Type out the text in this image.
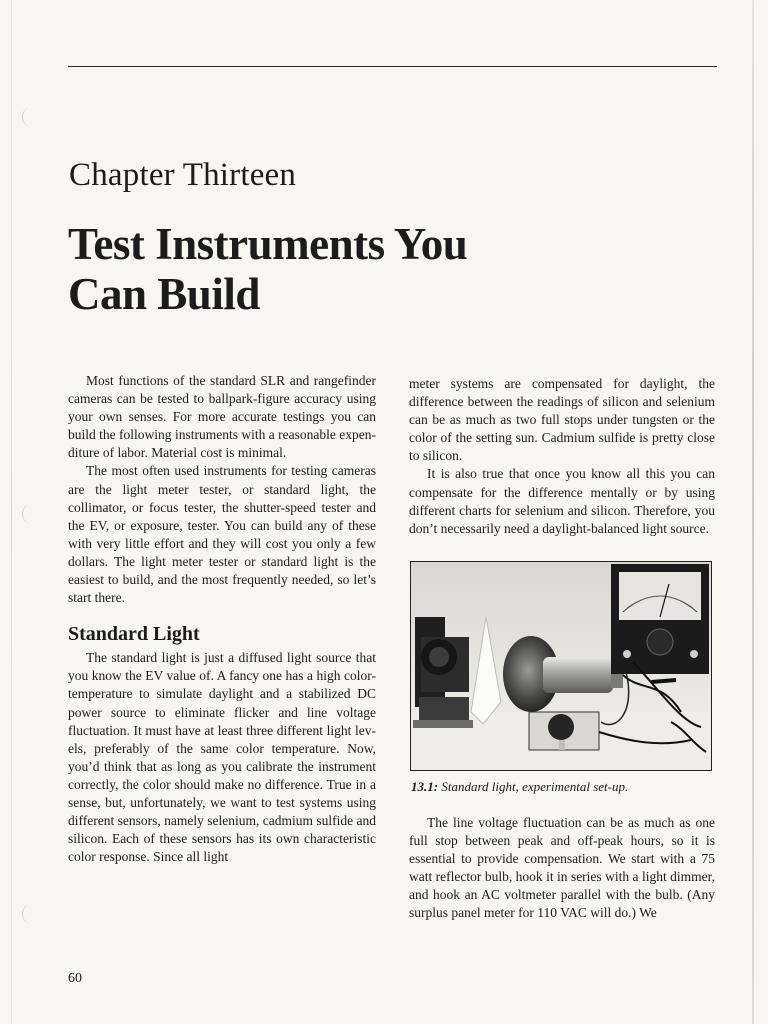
Chapter Thirteen
Test Instruments You
Can Build

Most functions of the standard SLR and rangefinder cameras can be tested to ballpark-figure accuracy using your own senses. For more accurate testings you can build the following instruments with a reasonable expenditure of labor. Material cost is minimal.

The most often used instruments for testing cameras are the light meter tester, or standard light, the collimator, or focus tester, the shutter-speed tester and the EV, or exposure, tester. You can build any of these with very little effort and they will cost you only a few dollars. The light meter tester or standard light is the easiest to build, and the most frequently needed, so let’s start there.

Standard Light

The standard light is just a diffused light source that you know the EV value of. A fancy one has a high color-temperature to simulate daylight and a stabilized DC power source to eliminate flicker and line voltage fluctuation. It must have at least three different light levels, preferably of the same color temperature. Now, you’d think that as long as you calibrate the instrument correctly, the color should make no difference. True in a sense, but, unfortunately, we want to test systems using different sensors, namely selenium, cadmium sulfide and silicon. Each of these sensors has its own characteristic color response. Since all light

meter systems are compensated for daylight, the difference between the readings of silicon and selenium can be as much as two full stops under tungsten or the color of the setting sun. Cadmium sulfide is pretty close to silicon.

It is also true that once you know all this you can compensate for the difference mentally or by using different charts for selenium and silicon. Therefore, you don’t necessarily need a daylight-balanced light source.

13.1: Standard light, experimental set-up.

The line voltage fluctuation can be as much as one full stop between peak and off-peak hours, so it is essential to provide compensation. We start with a 75 watt reflector bulb, hook it in series with a light dimmer, and hook an AC voltmeter parallel with the bulb. (Any surplus panel meter for 110 VAC will do.) We

60
